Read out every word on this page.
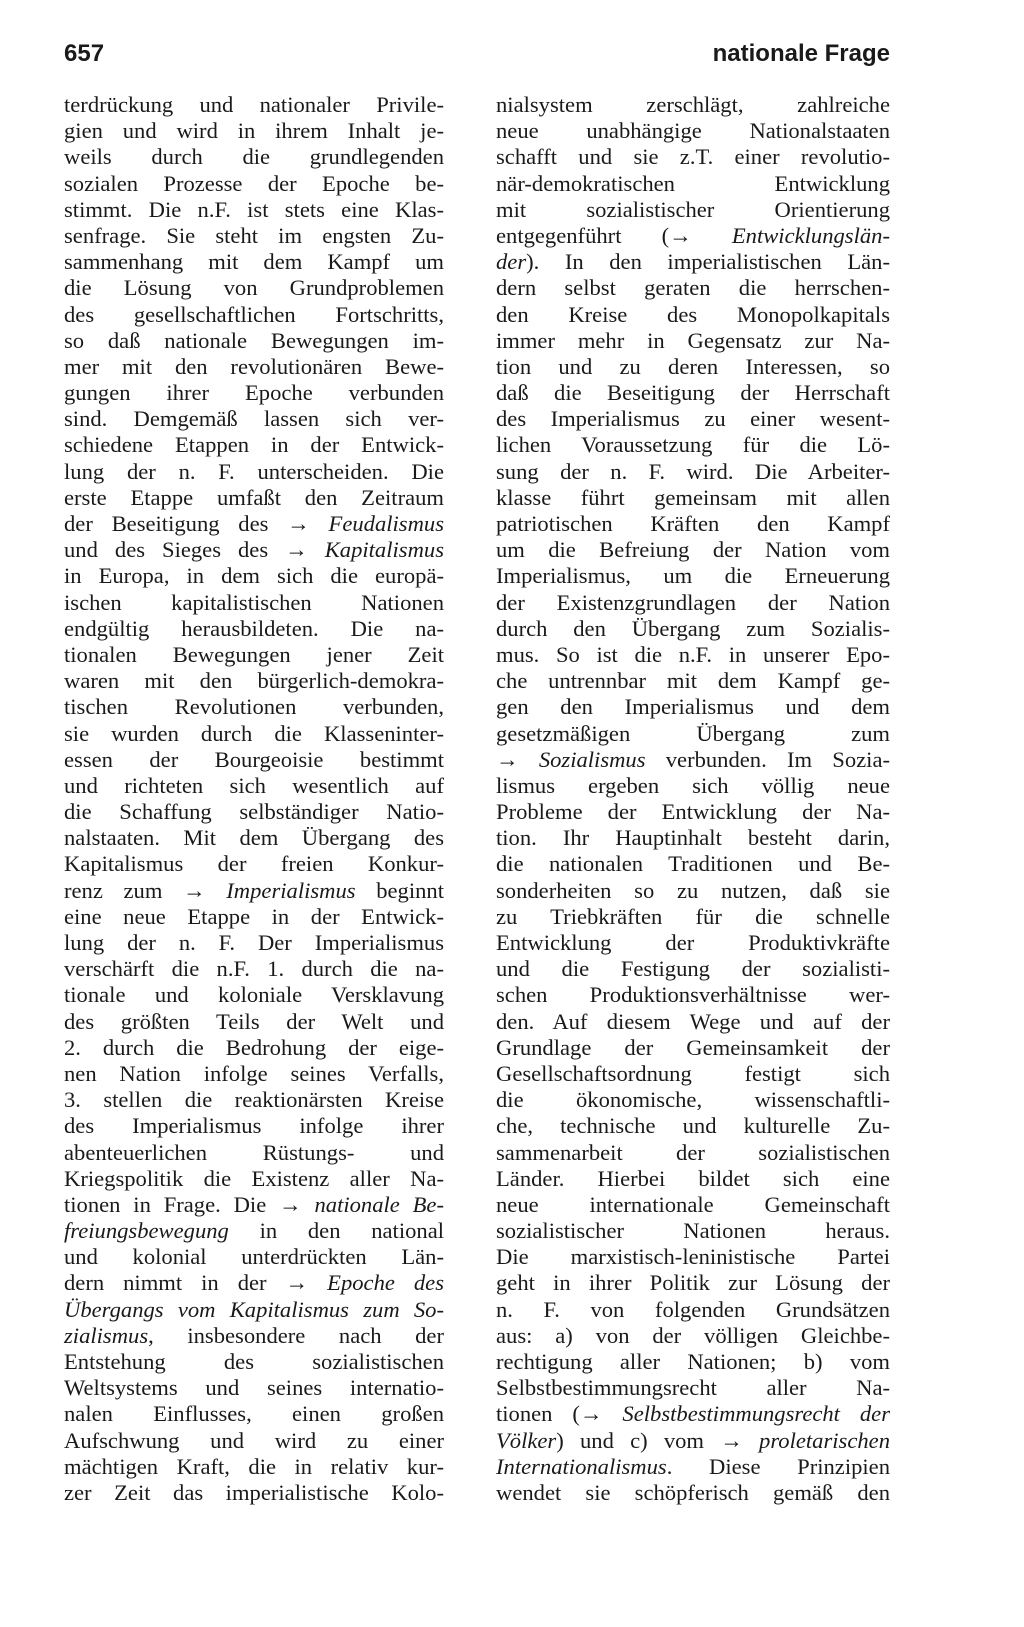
657	nationale Frage
terdrückung und nationaler Privile-
gien und wird in ihrem Inhalt je-
weils durch die grundlegenden
sozialen Prozesse der Epoche be-
stimmt. Die n.F. ist stets eine Klas-
senfrage. Sie steht im engsten Zu-
sammenhang mit dem Kampf um
die Lösung von Grundproblemen
des gesellschaftlichen Fortschritts,
so daß nationale Bewegungen im-
mer mit den revolutionären Bewe-
gungen ihrer Epoche verbunden
sind. Demgemäß lassen sich ver-
schiedene Etappen in der Entwick-
lung der n. F. unterscheiden. Die
erste Etappe umfaßt den Zeitraum
der Beseitigung des → Feudalismus
und des Sieges des → Kapitalismus
in Europa, in dem sich die europä-
ischen kapitalistischen Nationen
endgültig herausbildeten. Die na-
tionalen Bewegungen jener Zeit
waren mit den bürgerlich-demokra-
tischen Revolutionen verbunden,
sie wurden durch die Klasseninter-
essen der Bourgeoisie bestimmt
und richteten sich wesentlich auf
die Schaffung selbständiger Natio-
nalstaaten. Mit dem Übergang des
Kapitalismus der freien Konkur-
renz zum → Imperialismus beginnt
eine neue Etappe in der Entwick-
lung der n. F. Der Imperialismus
verschärft die n.F. 1. durch die na-
tionale und koloniale Versklavung
des größten Teils der Welt und
2. durch die Bedrohung der eige-
nen Nation infolge seines Verfalls,
3. stellen die reaktionärsten Kreise
des Imperialismus infolge ihrer
abenteuerlichen Rüstungs- und
Kriegspolitik die Existenz aller Na-
tionen in Frage. Die → nationale Be-
freiungsbewegung in den national
und kolonial unterdrückten Län-
dern nimmt in der → Epoche des
Übergangs vom Kapitalismus zum So-
zialismus, insbesondere nach der
Entstehung des sozialistischen
Weltsystems und seines internatio-
nalen Einflusses, einen großen
Aufschwung und wird zu einer
mächtigen Kraft, die in relativ kur-
zer Zeit das imperialistische Kolo-
nialsystem zerschlägt, zahlreiche
neue unabhängige Nationalstaaten
schafft und sie z.T. einer revolutio-
när-demokratischen Entwicklung
mit sozialistischer Orientierung
entgegenführt (→ Entwicklungslän-
der). In den imperialistischen Län-
dern selbst geraten die herrschen-
den Kreise des Monopolkapitals
immer mehr in Gegensatz zur Na-
tion und zu deren Interessen, so
daß die Beseitigung der Herrschaft
des Imperialismus zu einer wesent-
lichen Voraussetzung für die Lö-
sung der n. F. wird. Die Arbeiter-
klasse führt gemeinsam mit allen
patriotischen Kräften den Kampf
um die Befreiung der Nation vom
Imperialismus, um die Erneuerung
der Existenzgrundlagen der Nation
durch den Übergang zum Sozialis-
mus. So ist die n.F. in unserer Epo-
che untrennbar mit dem Kampf ge-
gen den Imperialismus und dem
gesetzmäßigen Übergang zum
→ Sozialismus verbunden. Im Sozia-
lismus ergeben sich völlig neue
Probleme der Entwicklung der Na-
tion. Ihr Hauptinhalt besteht darin,
die nationalen Traditionen und Be-
sonderheiten so zu nutzen, daß sie
zu Triebkräften für die schnelle
Entwicklung der Produktivkräfte
und die Festigung der sozialisti-
schen Produktionsverhältnisse wer-
den. Auf diesem Wege und auf der
Grundlage der Gemeinsamkeit der
Gesellschaftsordnung festigt sich
die ökonomische, wissenschaftli-
che, technische und kulturelle Zu-
sammenarbeit der sozialistischen
Länder. Hierbei bildet sich eine
neue internationale Gemeinschaft
sozialistischer Nationen heraus.
Die marxistisch-leninistische Partei
geht in ihrer Politik zur Lösung der
n. F. von folgenden Grundsätzen
aus: a) von der völligen Gleichbe-
rechtigung aller Nationen; b) vom
Selbstbestimmungsrecht aller Na-
tionen (→ Selbstbestimmungsrecht der
Völker) und c) vom → proletarischen
Internationalismus. Diese Prinzipien
wendet sie schöpferisch gemäß den
